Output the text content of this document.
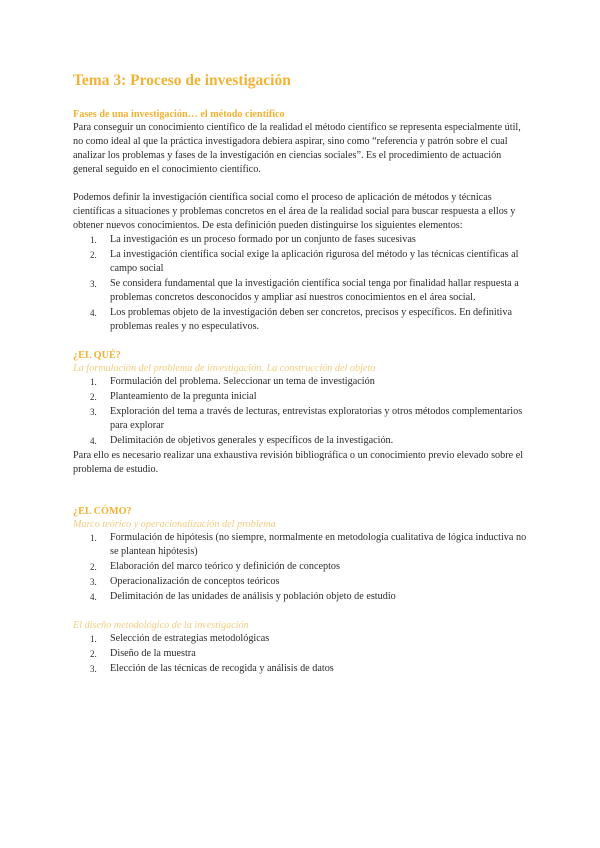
Tema 3: Proceso de investigación
Fases de una investigación… el método científico

Para conseguir un conocimiento científico de la realidad el método científico se representa especialmente útil, no como ideal al que la práctica investigadora debiera aspirar, sino como “referencia y patrón sobre el cual analizar los problemas y fases de la investigación en ciencias sociales”. Es el procedimiento de actuación general seguido en el conocimiento científico.

Podemos definir la investigación científica social como el proceso de aplicación de métodos y técnicas científicas a situaciones y problemas concretos en el área de la realidad social para buscar respuesta a ellos y obtener nuevos conocimientos. De esta definición pueden distinguirse los siguientes elementos:

1. La investigación es un proceso formado por un conjunto de fases sucesivas
2. La investigación científica social exige la aplicación rigurosa del método y las técnicas científicas al campo social
3. Se considera fundamental que la investigación científica social tenga por finalidad hallar respuesta a problemas concretos desconocidos y ampliar así nuestros conocimientos en el área social.
4. Los problemas objeto de la investigación deben ser concretos, precisos y específicos. En definitiva problemas reales y no especulativos.
¿EL QUÉ?
La formulación del problema de investigación. La construcción del objeto
1. Formulación del problema. Seleccionar un tema de investigación
2. Planteamiento de la pregunta inicial
3. Exploración del tema a través de lecturas, entrevistas exploratorias y otros métodos complementarios para explorar
4. Delimitación de objetivos generales y específicos de la investigación.

Para ello es necesario realizar una exhaustiva revisión bibliográfica o un conocimiento previo elevado sobre el problema de estudio.

¿EL CÓMO?
Marco teórico y operacionalización del problema
1. Formulación de hipótesis (no siempre, normalmente en metodología cualitativa de lógica inductiva no se plantean hipótesis)
2. Elaboración del marco teórico y definición de conceptos
3. Operacionalización de conceptos teóricos
4. Delimitación de las unidades de análisis y población objeto de estudio
El diseño metodológico de la investigación
1. Selección de estrategias metodológicas
2. Diseño de la muestra
3. Elección de las técnicas de recogida y análisis de datos
